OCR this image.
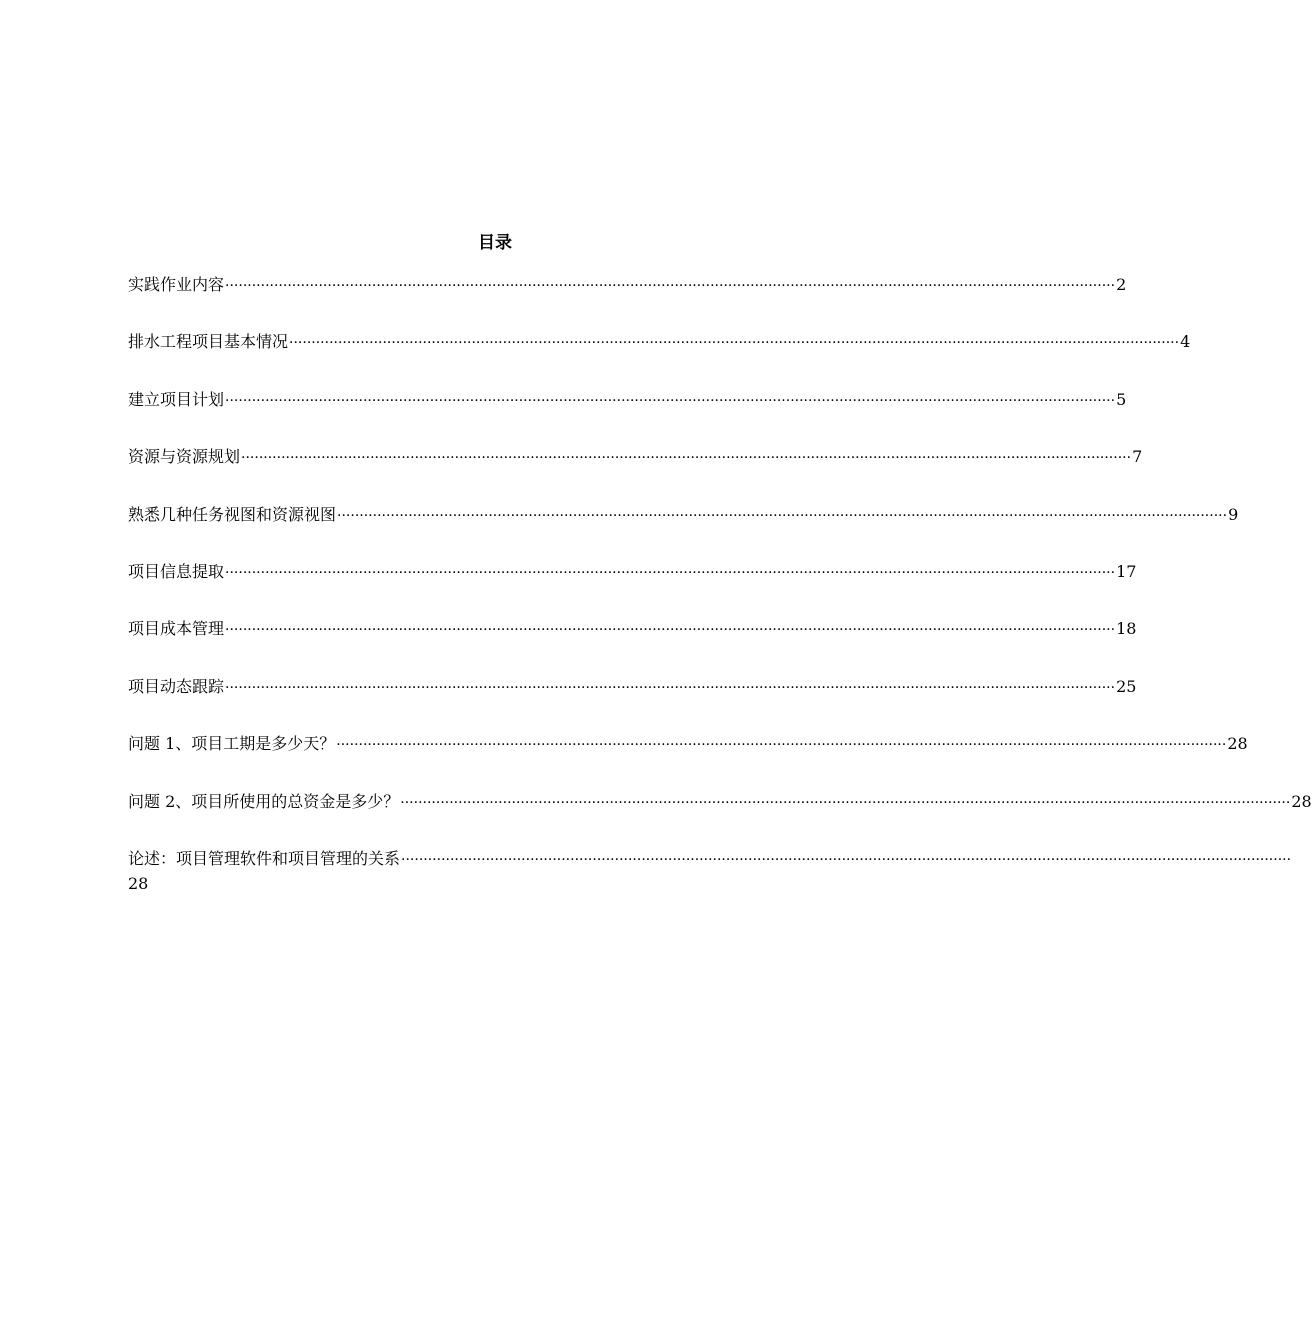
目录
实践作业内容 ········································································································································································································ 2
排水工程项目基本情况 ········································································································································································································ 4
建立项目计划 ········································································································································································································ 5
资源与资源规划 ········································································································································································································ 7
熟悉几种任务视图和资源视图 ········································································································································································································ 9
项目信息提取 ········································································································································································································ 17
项目成本管理 ········································································································································································································ 18
项目动态跟踪 ········································································································································································································ 25
问题 1、项目工期是多少天？ ········································································································································································································ 28
问题 2、项目所使用的总资金是多少？ ········································································································································································································ 28
论述：项目管理软件和项目管理的关系 ········································································································································································································
28
